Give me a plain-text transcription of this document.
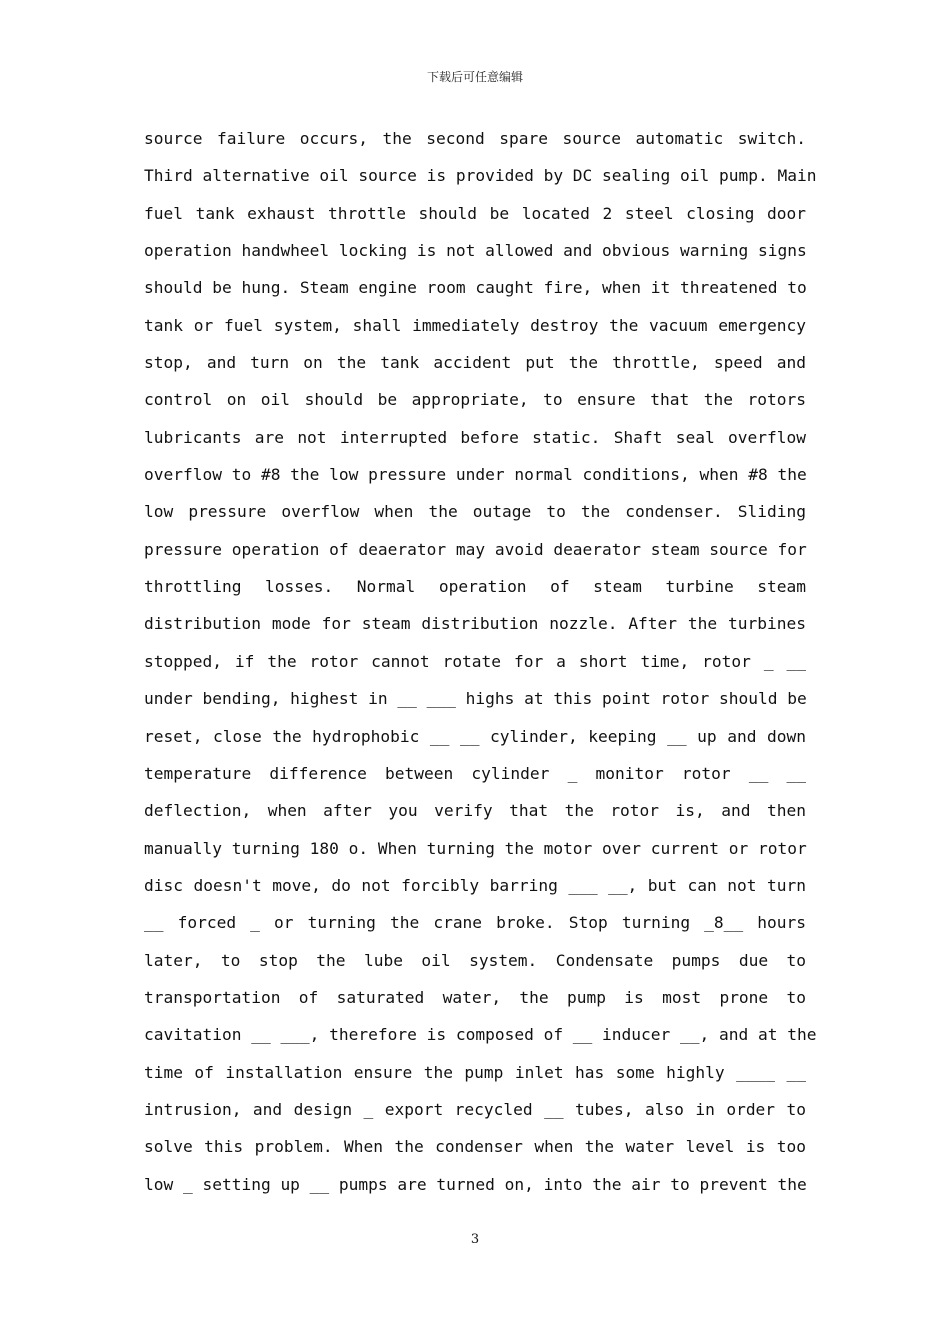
下载后可任意编辑
source failure occurs, the second spare source automatic switch.
Third alternative oil source is provided by DC sealing oil pump. Main
fuel tank exhaust throttle should be located 2 steel closing door
operation handwheel locking is not allowed and obvious warning signs
should be hung. Steam engine room caught fire, when it threatened to
tank or fuel system, shall immediately destroy the vacuum emergency
stop, and turn on the tank accident put the throttle, speed and
control on oil should be appropriate, to ensure that the rotors
lubricants are not interrupted before static. Shaft seal overflow
overflow to #8 the low pressure under normal conditions, when #8 the
low pressure overflow when the outage to the condenser. Sliding
pressure operation of deaerator may avoid deaerator steam source for
throttling losses. Normal operation of steam turbine steam
distribution mode for steam distribution nozzle. After the turbines
stopped, if the rotor cannot rotate for a short time, rotor _ __
under bending, highest in __ ___ highs at this point rotor should be
reset, close the hydrophobic __ __ cylinder, keeping __ up and down
temperature difference between cylinder _ monitor rotor __ __
deflection, when after you verify that the rotor is, and then
manually turning 180 o. When turning the motor over current or rotor
disc doesn't move, do not forcibly barring ___ __, but can not turn
__ forced _ or turning the crane broke. Stop turning _8__ hours
later, to stop the lube oil system. Condensate pumps due to
transportation of saturated water, the pump is most prone to
cavitation __ ___, therefore is composed of __ inducer __, and at the
time of installation ensure the pump inlet has some highly ____ __
intrusion, and design _ export recycled __ tubes, also in order to
solve this problem. When the condenser when the water level is too
low _ setting up __ pumps are turned on, into the air to prevent the
3
